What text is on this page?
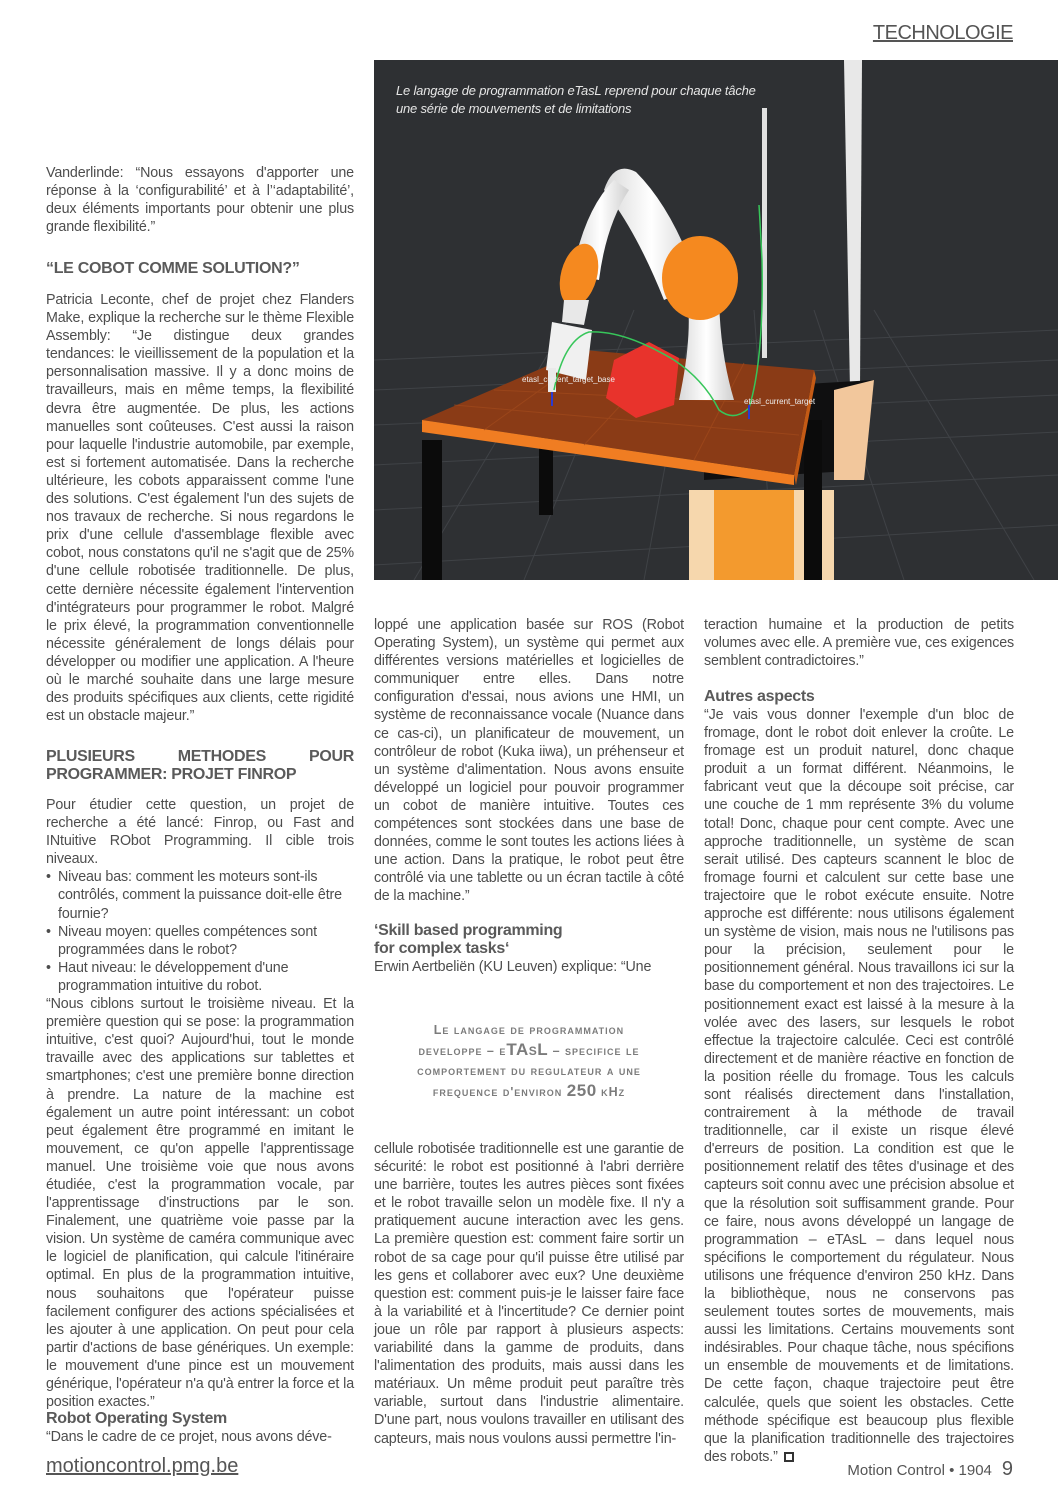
TECHNOLOGIE
Le langage de programmation eTasL reprend pour chaque tâche une série de mouvements et de limitations
etasl_current_target_base
etasl_current_target

Vanderlinde: “Nous essayons d'apporter une réponse à la ‘configurabilité’ et à l’‘adaptabilité’, deux éléments importants pour obtenir une plus grande flexibilité.”

“LE COBOT COMME SOLUTION?”

Patricia Leconte, chef de projet chez Flanders Make, explique la recherche sur le thème Flexible Assembly: “Je distingue deux grandes tendances: le vieillissement de la population et la personnalisation massive. Il y a donc moins de travailleurs, mais en même temps, la flexibilité devra être augmentée. De plus, les actions manuelles sont coûteuses. C'est aussi la raison pour laquelle l'industrie automobile, par exemple, est si fortement automatisée. Dans la recherche ultérieure, les cobots apparaissent comme l'une des solutions. C'est également l'un des sujets de nos travaux de recherche. Si nous regardons le prix d'une cellule d'assemblage flexible avec cobot, nous constatons qu'il ne s'agit que de 25% d'une cellule robotisée traditionnelle. De plus, cette dernière nécessite également l'intervention d'intégrateurs pour programmer le robot. Malgré le prix élevé, la programmation conventionnelle nécessite généralement de longs délais pour développer ou modifier une application. A l'heure où le marché souhaite dans une large mesure des produits spécifiques aux clients, cette rigidité est un obstacle majeur.”

PLUSIEURS METHODES POUR PROGRAMMER: PROJET FINROP

Pour étudier cette question, un projet de recherche a été lancé: Finrop, ou Fast and INtuitive RObot Programming. Il cible trois niveaux.

• Niveau bas: comment les moteurs sont-ils contrôlés, comment la puissance doit-elle être fournie?
• Niveau moyen: quelles compétences sont programmées dans le robot?
• Haut niveau: le développement d'une programmation intuitive du robot.

“Nous ciblons surtout le troisième niveau. Et la première question qui se pose: la programmation intuitive, c'est quoi? Aujourd'hui, tout le monde travaille avec des applications sur tablettes et smartphones; c'est une première bonne direction à prendre. La nature de la machine est également un autre point intéressant: un cobot peut également être programmé en imitant le mouvement, ce qu'on appelle l'apprentissage manuel. Une troisième voie que nous avons étudiée, c'est la programmation vocale, par l'apprentissage d'instructions par le son. Finalement, une quatrième voie passe par la vision. Un système de caméra communique avec le logiciel de planification, qui calcule l'itinéraire optimal. En plus de la programmation intuitive, nous souhaitons que l'opérateur puisse facilement configurer des actions spécialisées et les ajouter à une application. On peut pour cela partir d'actions de base génériques. Un exemple: le mouvement d'une pince est un mouvement générique, l'opérateur n'a qu'à entrer la force et la position exactes.”

Robot Operating System

“Dans le cadre de ce projet, nous avons déve-

loppé une application basée sur ROS (Robot Operating System), un système qui permet aux différentes versions matérielles et logicielles de communiquer entre elles. Dans notre configuration d'essai, nous avions une HMI, un système de reconnaissance vocale (Nuance dans ce cas-ci), un planificateur de mouvement, un contrôleur de robot (Kuka iiwa), un préhenseur et un système d'alimentation. Nous avons ensuite développé un logiciel pour pouvoir programmer un cobot de manière intuitive. Toutes ces compétences sont stockées dans une base de données, comme le sont toutes les actions liées à une action. Dans la pratique, le robot peut être contrôlé via une tablette ou un écran tactile à côté de la machine.”

‘Skill based programming
for complex tasks‘

Erwin Aertbeliën (KU Leuven) explique: “Une

Le langage de programmation
developpe – eTAsL – specifice le
comportement du regulateur a une
frequence d'environ 250 kHz

cellule robotisée traditionnelle est une garantie de sécurité: le robot est positionné à l'abri derrière une barrière, toutes les autres pièces sont fixées et le robot travaille selon un modèle fixe. Il n'y a pratiquement aucune interaction avec les gens. La première question est: comment faire sortir un robot de sa cage pour qu'il puisse être utilisé par les gens et collaborer avec eux? Une deuxième question est: comment puis-je le laisser faire face à la variabilité et à l'incertitude? Ce dernier point joue un rôle par rapport à plusieurs aspects: variabilité dans la gamme de produits, dans l'alimentation des produits, mais aussi dans les matériaux. Un même produit peut paraître très variable, surtout dans l'industrie alimentaire. D'une part, nous voulons travailler en utilisant des capteurs, mais nous voulons aussi permettre l'in-

teraction humaine et la production de petits volumes avec elle. A première vue, ces exigences semblent contradictoires.”

Autres aspects

“Je vais vous donner l'exemple d'un bloc de fromage, dont le robot doit enlever la croûte. Le fromage est un produit naturel, donc chaque produit a un format différent. Néanmoins, le fabricant veut que la découpe soit précise, car une couche de 1 mm représente 3% du volume total! Donc, chaque pour cent compte. Avec une approche traditionnelle, un système de scan serait utilisé. Des capteurs scannent le bloc de fromage fourni et calculent sur cette base une trajectoire que le robot exécute ensuite. Notre approche est différente: nous utilisons également un système de vision, mais nous ne l'utilisons pas pour la précision, seulement pour le positionnement général. Nous travaillons ici sur la base du comportement et non des trajectoires. Le positionnement exact est laissé à la mesure à la volée avec des lasers, sur lesquels le robot effectue la trajectoire calculée. Ceci est contrôlé directement et de manière réactive en fonction de la position réelle du fromage. Tous les calculs sont réalisés directement dans l'installation, contrairement à la méthode de travail traditionnelle, car il existe un risque élevé d'erreurs de position. La condition est que le positionnement relatif des têtes d'usinage et des capteurs soit connu avec une précision absolue et que la résolution soit suffisamment grande. Pour ce faire, nous avons développé un langage de programmation – eTAsL – dans lequel nous spécifions le comportement du régulateur. Nous utilisons une fréquence d'environ 250 kHz. Dans la bibliothèque, nous ne conservons pas seulement toutes sortes de mouvements, mais aussi les limitations. Certains mouvements sont indésirables. Pour chaque tâche, nous spécifions un ensemble de mouvements et de limitations. De cette façon, chaque trajectoire peut être calculée, quels que soient les obstacles. Cette méthode spécifique est beaucoup plus flexible que la planification traditionnelle des trajectoires des robots.”

motioncontrol.pmg.be	Motion Control • 1904 9
